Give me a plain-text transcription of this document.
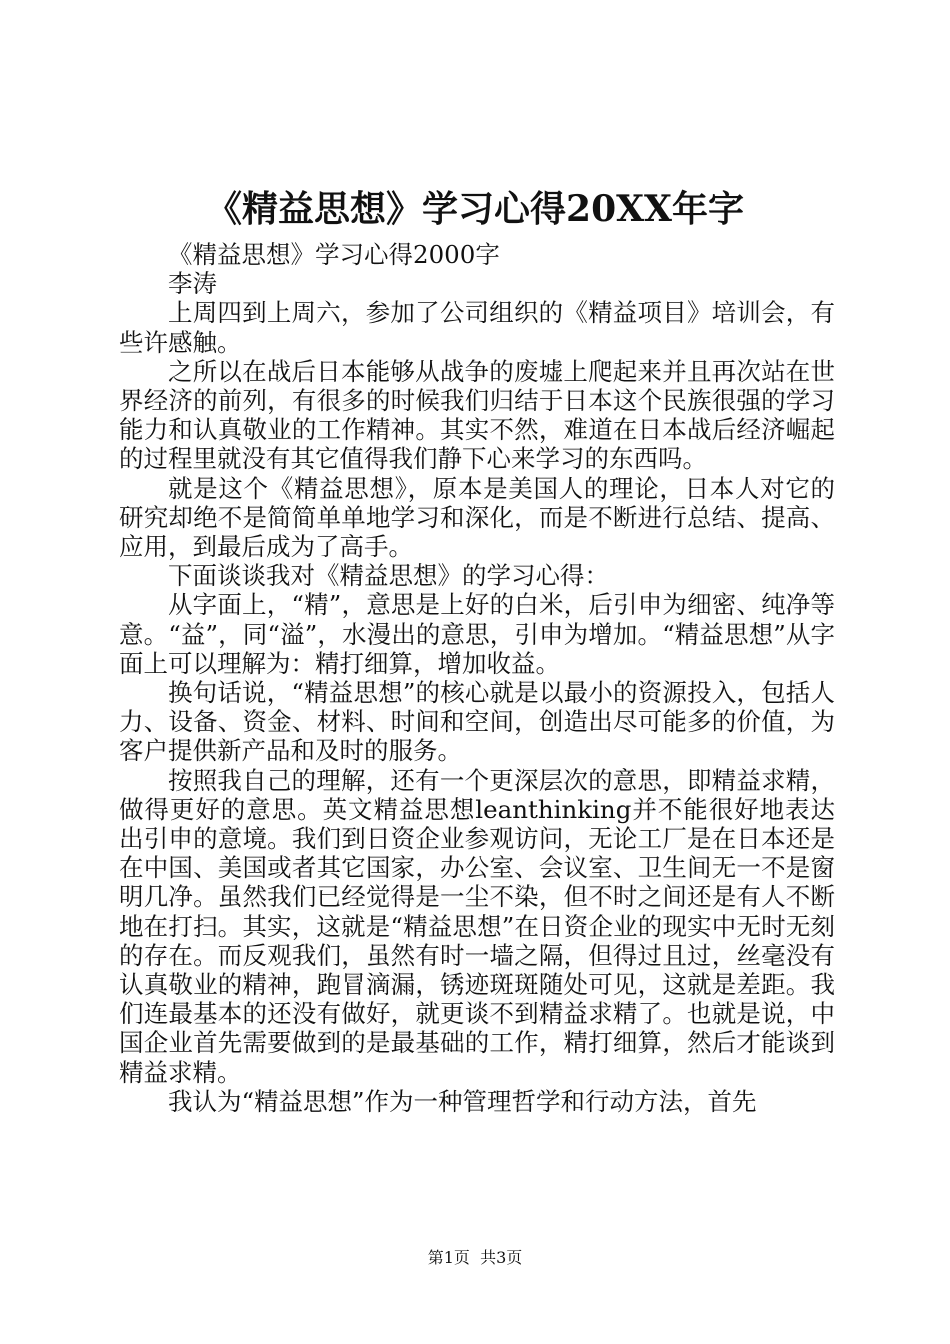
《精益思想》学习心得20XX年字

《精益思想》学习心得2000字

李涛

上周四到上周六，参加了公司组织的《精益项目》培训会，有些许感触。

之所以在战后日本能够从战争的废墟上爬起来并且再次站在世界经济的前列，有很多的时候我们归结于日本这个民族很强的学习能力和认真敬业的工作精神。其实不然，难道在日本战后经济崛起的过程里就没有其它值得我们静下心来学习的东西吗。

就是这个《精益思想》，原本是美国人的理论，日本人对它的研究却绝不是简简单单地学习和深化，而是不断进行总结、提高、应用，到最后成为了高手。

下面谈谈我对《精益思想》的学习心得：

从字面上，“精”，意思是上好的白米，后引申为细密、纯净等意。“益”，同“溢”，水漫出的意思，引申为增加。“精益思想”从字面上可以理解为：精打细算，增加收益。

换句话说，“精益思想”的核心就是以最小的资源投入，包括人力、设备、资金、材料、时间和空间，创造出尽可能多的价值，为客户提供新产品和及时的服务。

按照我自己的理解，还有一个更深层次的意思，即精益求精，做得更好的意思。英文精益思想leanthinking并不能很好地表达出引申的意境。我们到日资企业参观访问，无论工厂是在日本还是在中国、美国或者其它国家，办公室、会议室、卫生间无一不是窗明几净。虽然我们已经觉得是一尘不染，但不时之间还是有人不断地在打扫。其实，这就是“精益思想”在日资企业的现实中无时无刻的存在。而反观我们，虽然有时一墙之隔，但得过且过，丝毫没有认真敬业的精神，跑冒滴漏，锈迹斑斑随处可见，这就是差距。我们连最基本的还没有做好，就更谈不到精益求精了。也就是说，中国企业首先需要做到的是最基础的工作，精打细算，然后才能谈到精益求精。

我认为“精益思想”作为一种管理哲学和行动方法，首先

第1页  共3页
